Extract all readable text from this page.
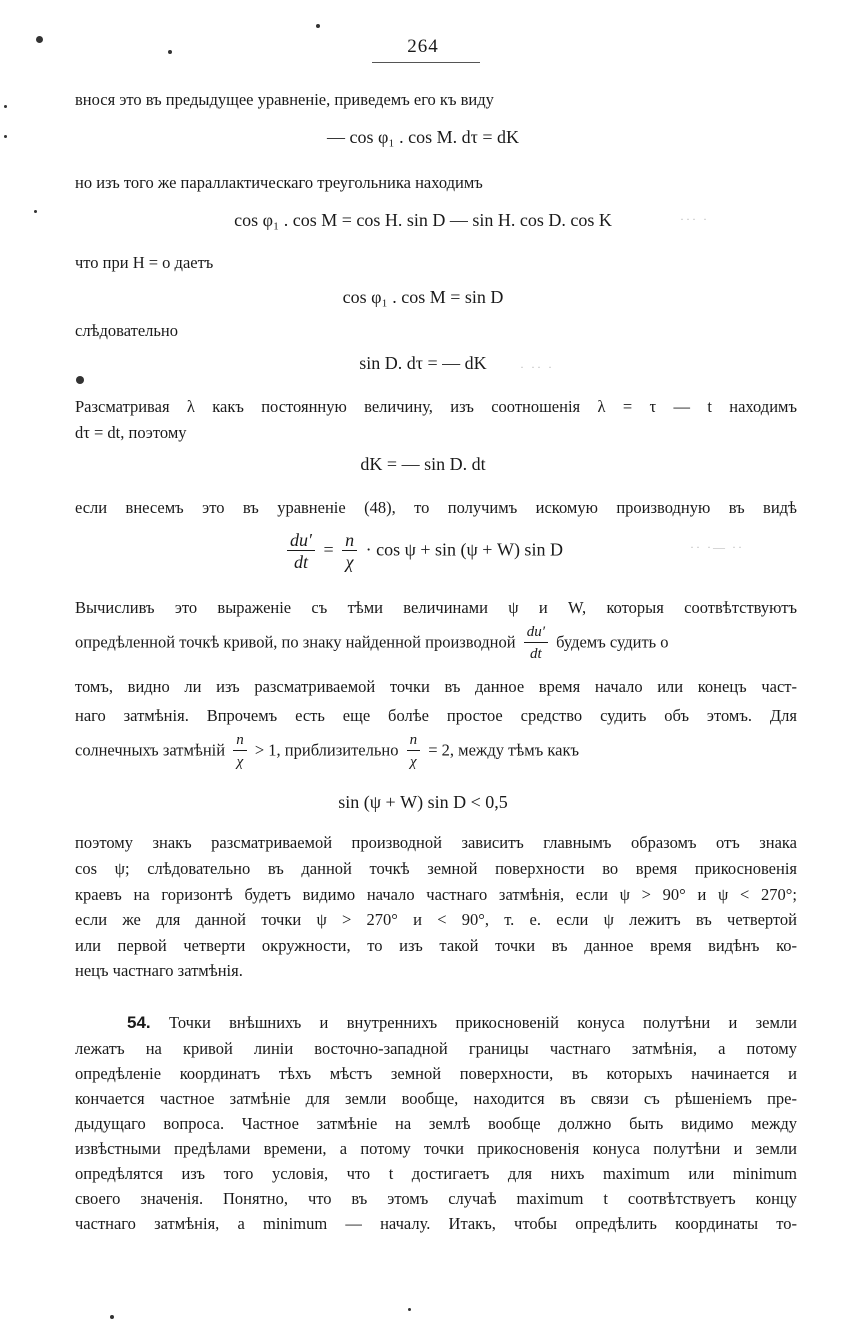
264
внося это въ предыдущее уравненіе, приведемъ его къ виду
— cos φ₁ . cos M. dτ = dK
но изъ того же параллактическаго треугольника находимъ
cos φ₁ . cos M = cos H. sin D — sin H. cos D. cos K
что при H = o даетъ
cos φ₁ . cos M = sin D
слѣдовательно
sin D. dτ = — dK
Разсматривая λ какъ постоянную величину, изъ соотношенія λ = τ — t находимъ
dτ = dt, поэтому
dK = — sin D. dt
если внесемъ это въ уравненіе (48), то получимъ искомую производную въ видѣ
$\frac{du'}{dt} = \frac{n}{\chi} \cdot \cos \psi + \sin (\psi + W)$ sin D
Вычисливъ это выраженіе съ тѣми величинами ψ и W, которыя соотвѣтствуютъ
опредѣленной точкѣ кривой, по знаку найденной производной $\frac{du'}{dt}$ будемъ судить о
томъ, видно ли изъ разсматриваемой точки въ данное время начало или конецъ част-
наго затмѣнія. Впрочемъ есть еще болѣе простое средство судить объ этомъ. Для
солнечныхъ затмѣній $\frac{n}{\chi} > 1$, приблизительно $\frac{n}{\chi} = 2$, между тѣмъ какъ
sin (ψ + W) sin D < 0,5
поэтому знакъ разсматриваемой производной зависитъ главнымъ образомъ отъ знака
cos ψ; слѣдовательно въ данной точкѣ земной поверхности во время прикосновенія
краевъ на горизонтѣ будетъ видимо начало частнаго затмѣнія, если ψ > 90° и ψ < 270°;
если же для данной точки ψ > 270° и < 90°, т. е. если ψ лежитъ въ четвертой
или первой четверти окружности, то изъ такой точки въ данное время видѣнъ ко-
нецъ частнаго затмѣнія.
54. Точки внѣшнихъ и внутреннихъ прикосновеній конуса полутѣни и земли
лежатъ на кривой линіи восточно-западной границы частнаго затмѣнія, а потому
опредѣленіе координатъ тѣхъ мѣстъ земной поверхности, въ которыхъ начинается и
кончается частное затмѣніе для земли вообще, находится въ связи съ рѣшеніемъ пре-
дыдущаго вопроса. Частное затмѣніе на землѣ вообще должно быть видимо между
извѣстными предѣлами времени, а потому точки прикосновенія конуса полутѣни и земли
опредѣлятся изъ того условія, что t достигаетъ для нихъ maximum или minimum
своего значенія. Понятно, что въ этомъ случаѣ maximum t соотвѣтствуетъ концу
частнаго затмѣнія, а minimum — началу. Итакъ, чтобы опредѣлить координаты то-
··· ·
·· ·— ··
· ·· ·
